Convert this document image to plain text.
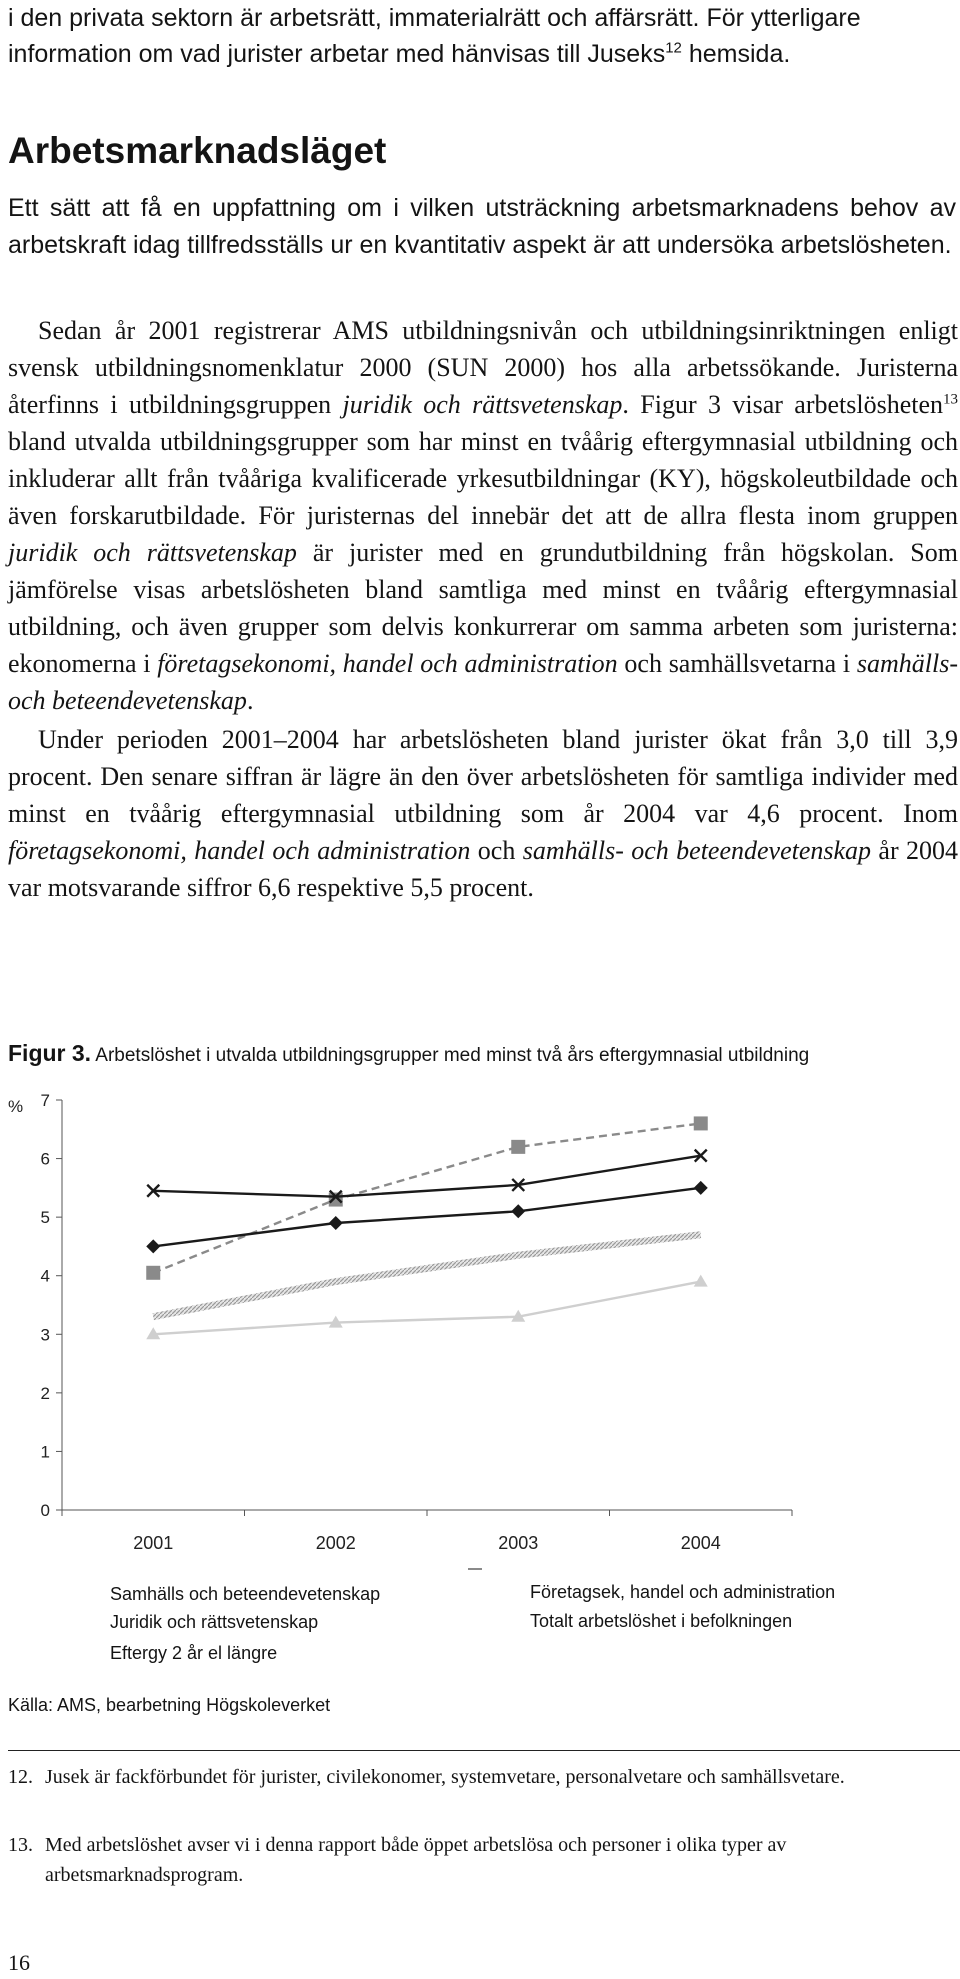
i den privata sektorn är arbetsrätt, immaterialrätt och affärsrätt. För ytterligare

information om vad jurister arbetar med hänvisas till Juseks$^{12}$ hemsida.

Arbetsmarknadsläget

Ett sätt att få en uppfattning om i vilken utsträckning arbetsmarknadens behov av arbetskraft idag tillfredsställs ur en kvantitativ aspekt är att undersöka arbetslösheten.

Sedan år 2001 registrerar AMS utbildningsnivån och utbildningsinriktningen enligt svensk utbildningsnomenklatur 2000 (SUN 2000) hos alla arbetssökande. Juristerna återfinns i utbildningsgruppen juridik och rättsvetenskap. Figur 3 visar arbetslösheten$^{13}$ bland utvalda utbildningsgrupper som har minst en tvåårig eftergymnasial utbildning och inkluderar allt från tvååriga kvalificerade yrkesutbildningar (KY), högskoleutbildade och även forskarutbildade. För juristernas del innebär det att de allra flesta inom gruppen juridik och rättsvetenskap är jurister med en grundutbildning från högskolan. Som jämförelse visas arbetslösheten bland samtliga med minst en tvåårig eftergymnasial utbildning, och även grupper som delvis konkurrerar om samma arbeten som juristerna: ekonomerna i företagsekonomi, handel och administration och samhällsvetarna i samhälls- och beteendevetenskap.

Under perioden 2001–2004 har arbetslösheten bland jurister ökat från 3,0 till 3,9 procent. Den senare siffran är lägre än den över arbetslösheten för samtliga individer med minst en tvåårig eftergymnasial utbildning som år 2004 var 4,6 procent. Inom företagsekonomi, handel och administration och samhälls- och beteendevetenskap år 2004 var motsvarande siffror 6,6 respektive 5,5 procent.

Figur 3. Arbetslöshet i utvalda utbildningsgrupper med minst två års eftergymnasial utbildning
0
1
2
3
4
5
6
7
%
2001	2002	2003	2004
Samhälls och beteendevetenskap
Juridik och rättsvetenskap
Eftergy 2 år el längre
Företagsek, handel och administration
Totalt arbetslöshet i befolkningen
Källa: AMS, bearbetning Högskoleverket
12. Jusek är fackförbundet för jurister, civilekonomer, systemvetare, personalvetare och samhällsvetare.
13. Med arbetslöshet avser vi i denna rapport både öppet arbetslösa och personer i olika typer av arbetsmarknadsprogram.
16
